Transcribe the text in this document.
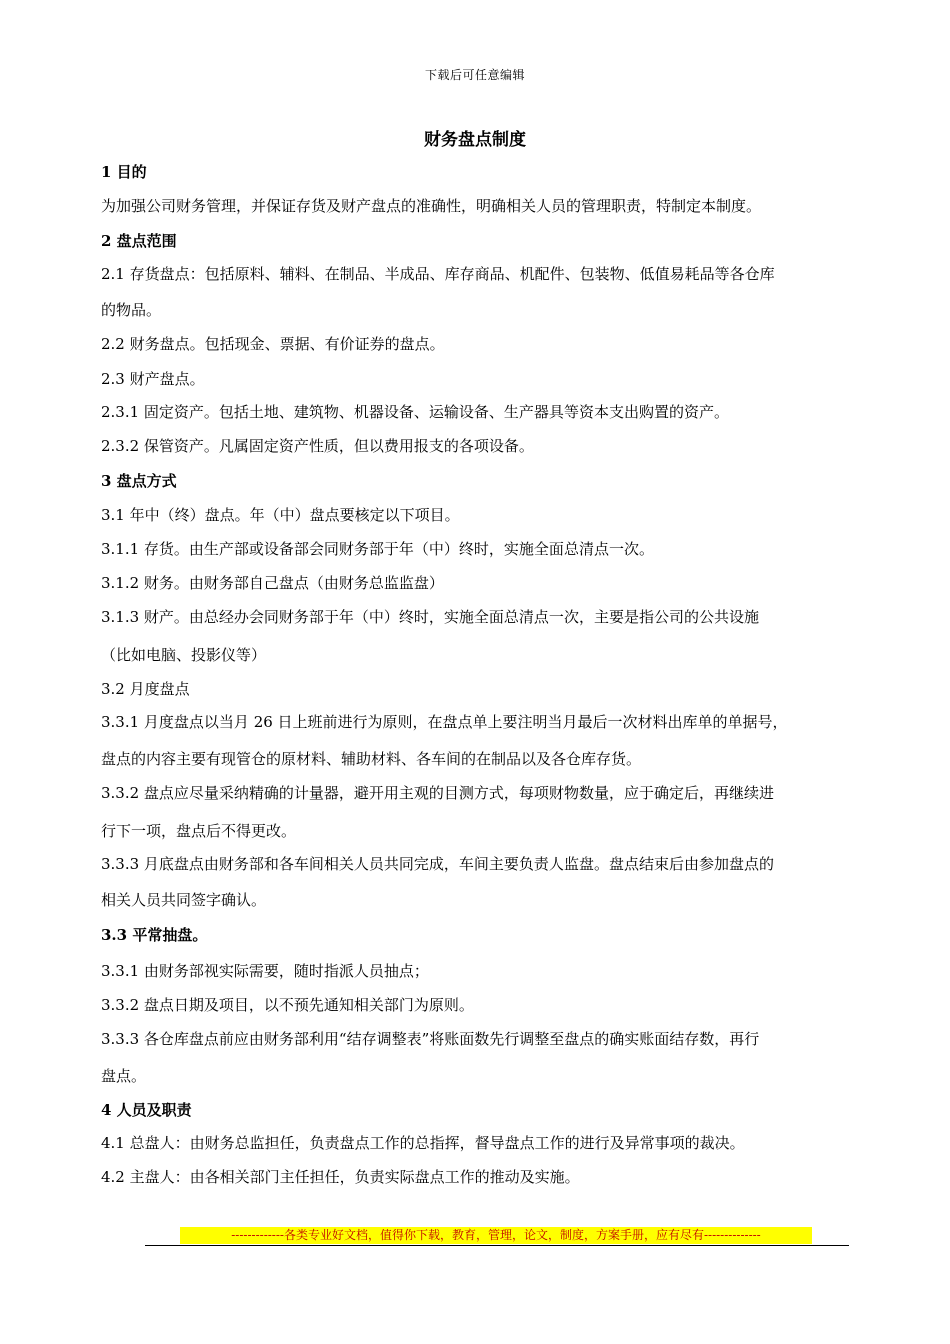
下载后可任意编辑
财务盘点制度
1 目的
为加强公司财务管理，并保证存货及财产盘点的准确性，明确相关人员的管理职责，特制定本制度。
2 盘点范围
2.1 存货盘点：包括原料、辅料、在制品、半成品、库存商品、机配件、包装物、低值易耗品等各仓库
的物品。
2.2 财务盘点。包括现金、票据、有价证券的盘点。
2.3 财产盘点。
2.3.1 固定资产。包括土地、建筑物、机器设备、运输设备、生产器具等资本支出购置的资产。
2.3.2 保管资产。凡属固定资产性质，但以费用报支的各项设备。
3 盘点方式
3.1 年中（终）盘点。年（中）盘点要核定以下项目。
3.1.1 存货。由生产部或设备部会同财务部于年（中）终时，实施全面总清点一次。
3.1.2 财务。由财务部自己盘点（由财务总监监盘）
3.1.3 财产。由总经办会同财务部于年（中）终时，实施全面总清点一次，主要是指公司的公共设施
（比如电脑、投影仪等）
3.2 月度盘点
3.3.1 月度盘点以当月 26 日上班前进行为原则，在盘点单上要注明当月最后一次材料出库单的单据号，
盘点的内容主要有现管仓的原材料、辅助材料、各车间的在制品以及各仓库存货。
3.3.2 盘点应尽量采纳精确的计量器，避开用主观的目测方式，每项财物数量，应于确定后，再继续进
行下一项，盘点后不得更改。
3.3.3 月底盘点由财务部和各车间相关人员共同完成，车间主要负责人监盘。盘点结束后由参加盘点的
相关人员共同签字确认。
3.3 平常抽盘。
3.3.1 由财务部视实际需要，随时指派人员抽点；
3.3.2 盘点日期及项目，以不预先通知相关部门为原则。
3.3.3 各仓库盘点前应由财务部利用“结存调整表”将账面数先行调整至盘点的确实账面结存数，再行
盘点。
4 人员及职责
4.1 总盘人：由财务总监担任，负责盘点工作的总指挥，督导盘点工作的进行及异常事项的裁决。
4.2 主盘人：由各相关部门主任担任，负责实际盘点工作的推动及实施。
-------------各类专业好文档，值得你下载，教育，管理，论文，制度，方案手册，应有尽有--------------
